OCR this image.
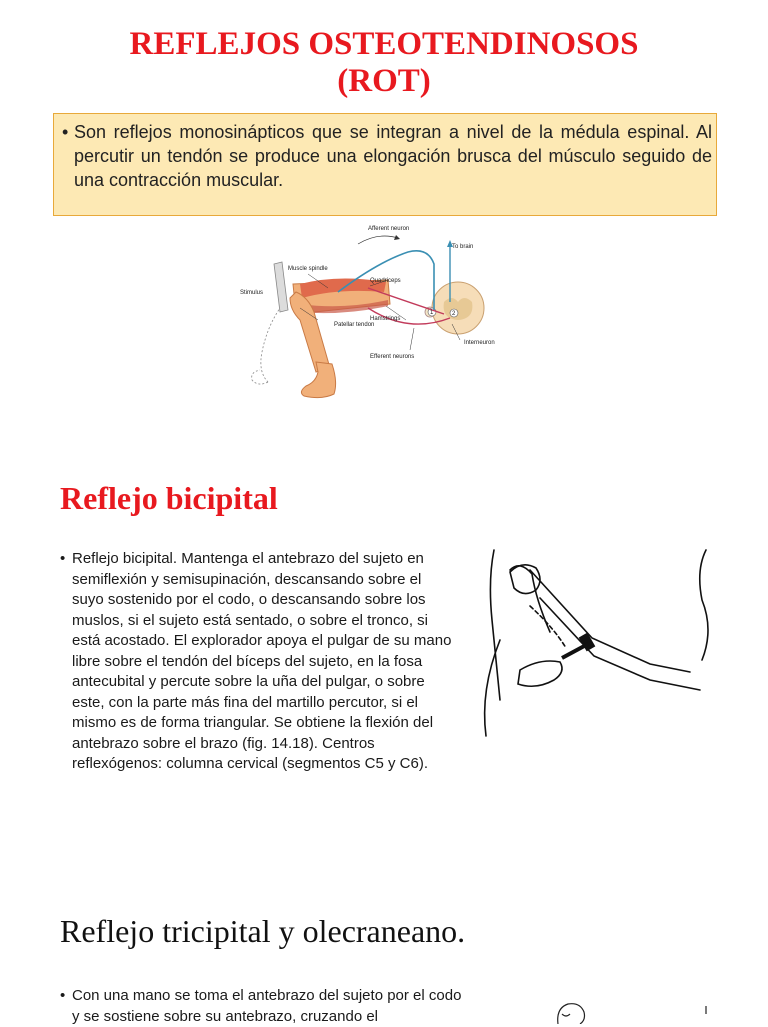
REFLEJOS OSTEOTENDINOSOS
(ROT)
• Son reflejos monosinápticos que se integran a nivel de la médula espinal. Al percutir un tendón se produce una elongación brusca del músculo seguido de una contracción muscular.

Afferent neuron
To brain
Muscle spindle
Quadriceps
Stimulus
Hamstrings
Patellar tendon
Efferent neurons
Interneuron
1	2
Reflejo bicipital
• Reflejo bicipital. Mantenga el antebrazo del sujeto en semiflexión y semisupinación, descansando sobre el suyo sostenido por el codo, o descansando sobre los muslos, si el sujeto está sentado, o sobre el tronco, si está acostado. El explorador apoya el pulgar de su mano libre sobre el tendón del bíceps del sujeto, en la fosa antecubital y percute sobre la uña del pulgar, o sobre este, con la parte más fina del martillo percutor, si el mismo es de forma triangular. Se obtiene la flexión del antebrazo sobre el brazo (fig. 14.18). Centros reflexógenos: columna cervical (segmentos C5 y C6).

Reflejo tricipital y olecraneano.
• Con una mano se toma el antebrazo del sujeto por el codo y se sostiene sobre su antebrazo, cruzando el
